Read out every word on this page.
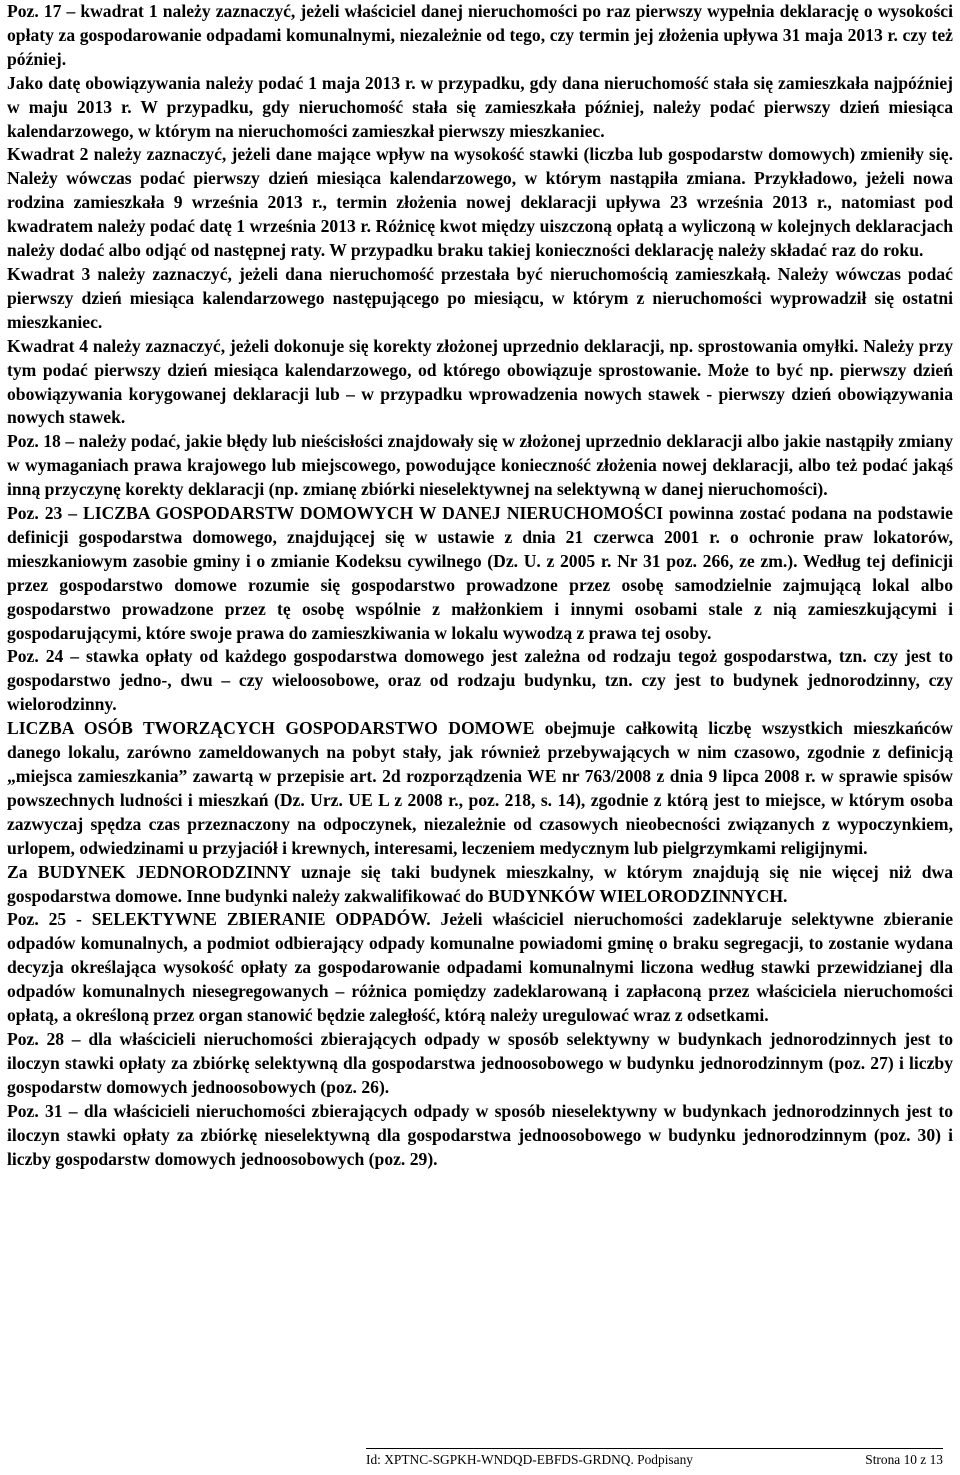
Poz. 17 – kwadrat 1 należy zaznaczyć, jeżeli właściciel danej nieruchomości po raz pierwszy wypełnia deklarację o wysokości opłaty za gospodarowanie odpadami komunalnymi, niezależnie od tego, czy termin jej złożenia upływa 31 maja 2013 r. czy też później.

Jako datę obowiązywania należy podać 1 maja 2013 r. w przypadku, gdy dana nieruchomość stała się zamieszkała najpóźniej w maju 2013 r. W przypadku, gdy nieruchomość stała się zamieszkała później, należy podać pierwszy dzień miesiąca kalendarzowego, w którym na nieruchomości zamieszkał pierwszy mieszkaniec.

Kwadrat 2 należy zaznaczyć, jeżeli dane mające wpływ na wysokość stawki (liczba lub gospodarstw domowych) zmieniły się. Należy wówczas podać pierwszy dzień miesiąca kalendarzowego, w którym nastąpiła zmiana. Przykładowo, jeżeli nowa rodzina zamieszkała 9 września 2013 r., termin złożenia nowej deklaracji upływa 23 września 2013 r., natomiast pod kwadratem należy podać datę 1 września 2013 r. Różnicę kwot między uiszczoną opłatą a wyliczoną w kolejnych deklaracjach należy dodać albo odjąć od następnej raty. W przypadku braku takiej konieczności deklarację należy składać raz do roku.

Kwadrat 3 należy zaznaczyć, jeżeli dana nieruchomość przestała być nieruchomością zamieszkałą. Należy wówczas podać pierwszy dzień miesiąca kalendarzowego następującego po miesiącu, w którym z nieruchomości wyprowadził się ostatni mieszkaniec.

Kwadrat 4 należy zaznaczyć, jeżeli dokonuje się korekty złożonej uprzednio deklaracji, np. sprostowania omyłki. Należy przy tym podać pierwszy dzień miesiąca kalendarzowego, od którego obowiązuje sprostowanie. Może to być np. pierwszy dzień obowiązywania korygowanej deklaracji lub – w przypadku wprowadzenia nowych stawek - pierwszy dzień obowiązywania nowych stawek.

Poz. 18 – należy podać, jakie błędy lub nieścisłości znajdowały się w złożonej uprzednio deklaracji albo jakie nastąpiły zmiany w wymaganiach prawa krajowego lub miejscowego, powodujące konieczność złożenia nowej deklaracji, albo też podać jakąś inną przyczynę korekty deklaracji (np. zmianę zbiórki nieselektywnej na selektywną w danej nieruchomości).

Poz. 23 – LICZBA GOSPODARSTW DOMOWYCH W DANEJ NIERUCHOMOŚCI powinna zostać podana na podstawie definicji gospodarstwa domowego, znajdującej się w ustawie z dnia 21 czerwca 2001 r. o ochronie praw lokatorów, mieszkaniowym zasobie gminy i o zmianie Kodeksu cywilnego (Dz. U. z 2005 r. Nr 31 poz. 266, ze zm.). Według tej definicji przez gospodarstwo domowe rozumie się gospodarstwo prowadzone przez osobę samodzielnie zajmującą lokal albo gospodarstwo prowadzone przez tę osobę wspólnie z małżonkiem i innymi osobami stale z nią zamieszkującymi i gospodarującymi, które swoje prawa do zamieszkiwania w lokalu wywodzą z prawa tej osoby.

Poz. 24 – stawka opłaty od każdego gospodarstwa domowego jest zależna od rodzaju tegoż gospodarstwa, tzn. czy jest to gospodarstwo jedno-, dwu – czy wieloosobowe, oraz od rodzaju budynku, tzn. czy jest to budynek jednorodzinny, czy wielorodzinny.

LICZBA OSÓB TWORZĄCYCH GOSPODARSTWO DOMOWE obejmuje całkowitą liczbę wszystkich mieszkańców danego lokalu, zarówno zameldowanych na pobyt stały, jak również przebywających w nim czasowo, zgodnie z definicją „miejsca zamieszkania” zawartą w przepisie art. 2d rozporządzenia WE nr 763/2008 z dnia 9 lipca 2008 r. w sprawie spisów powszechnych ludności i mieszkań (Dz. Urz. UE L z 2008 r., poz. 218, s. 14), zgodnie z którą jest to miejsce, w którym osoba zazwyczaj spędza czas przeznaczony na odpoczynek, niezależnie od czasowych nieobecności związanych z wypoczynkiem, urlopem, odwiedzinami u przyjaciół i krewnych, interesami, leczeniem medycznym lub pielgrzymkami religijnymi.

Za BUDYNEK JEDNORODZINNY uznaje się taki budynek mieszkalny, w którym znajdują się nie więcej niż dwa gospodarstwa domowe. Inne budynki należy zakwalifikować do BUDYNKÓW WIELORODZINNYCH.

Poz. 25 - SELEKTYWNE ZBIERANIE ODPADÓW. Jeżeli właściciel nieruchomości zadeklaruje selektywne zbieranie odpadów komunalnych, a podmiot odbierający odpady komunalne powiadomi gminę o braku segregacji, to zostanie wydana decyzja określająca wysokość opłaty za gospodarowanie odpadami komunalnymi liczona według stawki przewidzianej dla odpadów komunalnych niesegregowanych – różnica pomiędzy zadeklarowaną i zapłaconą przez właściciela nieruchomości opłatą, a określoną przez organ stanowić będzie zaległość, którą należy uregulować wraz z odsetkami.

Poz. 28 – dla właścicieli nieruchomości zbierających odpady w sposób selektywny w budynkach jednorodzinnych jest to iloczyn stawki opłaty za zbiórkę selektywną dla gospodarstwa jednoosobowego w budynku jednorodzinnym (poz. 27) i liczby gospodarstw domowych jednoosobowych (poz. 26).

Poz. 31 – dla właścicieli nieruchomości zbierających odpady w sposób nieselektywny w budynkach jednorodzinnych jest to iloczyn stawki opłaty za zbiórkę nieselektywną dla gospodarstwa jednoosobowego w budynku jednorodzinnym (poz. 30) i liczby gospodarstw domowych jednoosobowych (poz. 29).

Id: XPTNC-SGPKH-WNDQD-EBFDS-GRDNQ. Podpisany	Strona 10 z 13
